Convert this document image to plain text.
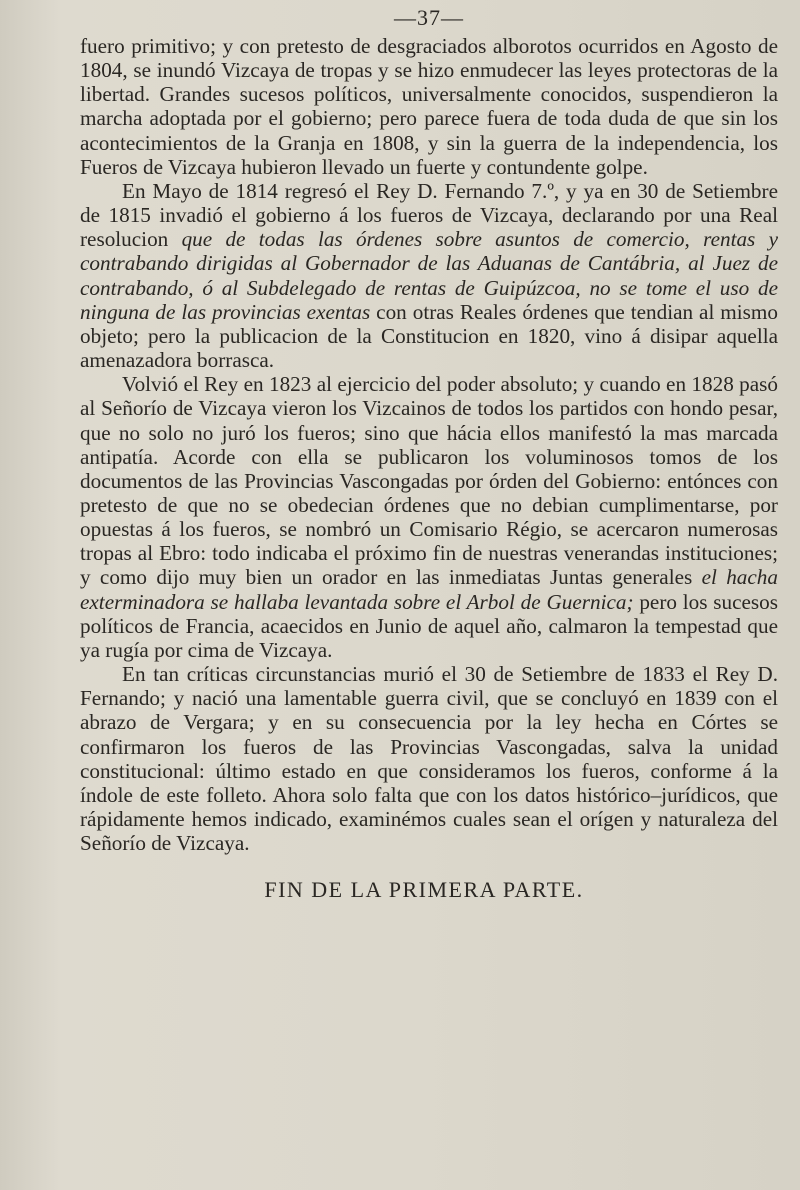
—37—

fuero primitivo; y con pretesto de desgraciados alborotos ocurridos en Agosto de 1804, se inundó Vizcaya de tropas y se hizo enmudecer las leyes protectoras de la libertad. Grandes sucesos políticos, universalmente conocidos, suspendieron la marcha adoptada por el gobierno; pero parece fuera de toda duda de que sin los acontecimientos de la Granja en 1808, y sin la guerra de la independencia, los Fueros de Vizcaya hubieron llevado un fuerte y contundente golpe.

En Mayo de 1814 regresó el Rey D. Fernando 7.º, y ya en 30 de Setiembre de 1815 invadió el gobierno á los fueros de Vizcaya, declarando por una Real resolucion que de todas las órdenes sobre asuntos de comercio, rentas y contrabando dirigidas al Gobernador de las Aduanas de Cantábria, al Juez de contrabando, ó al Subdelegado de rentas de Guipúzcoa, no se tome el uso de ninguna de las provincias exentas con otras Reales órdenes que tendian al mismo objeto; pero la publicacion de la Constitucion en 1820, vino á disipar aquella amenazadora borrasca.

Volvió el Rey en 1823 al ejercicio del poder absoluto; y cuando en 1828 pasó al Señorío de Vizcaya vieron los Vizcainos de todos los partidos con hondo pesar, que no solo no juró los fueros; sino que hácia ellos manifestó la mas marcada antipatía. Acorde con ella se publicaron los voluminosos tomos de los documentos de las Provincias Vascongadas por órden del Gobierno: entónces con pretesto de que no se obedecian órdenes que no debian cumplimentarse, por opuestas á los fueros, se nombró un Comisario Régio, se acercaron numerosas tropas al Ebro: todo indicaba el próximo fin de nuestras venerandas instituciones; y como dijo muy bien un orador en las inmediatas Juntas generales el hacha exterminadora se hallaba levantada sobre el Arbol de Guernica; pero los sucesos políticos de Francia, acaecidos en Junio de aquel año, calmaron la tempestad que ya rugía por cima de Vizcaya.

En tan críticas circunstancias murió el 30 de Setiembre de 1833 el Rey D. Fernando; y nació una lamentable guerra civil, que se concluyó en 1839 con el abrazo de Vergara; y en su consecuencia por la ley hecha en Córtes se confirmaron los fueros de las Provincias Vascongadas, salva la unidad constitucional: último estado en que consideramos los fueros, conforme á la índole de este folleto. Ahora solo falta que con los datos histórico–jurídicos, que rápidamente hemos indicado, examinémos cuales sean el orígen y naturaleza del Señorío de Vizcaya.

FIN DE LA PRIMERA PARTE.
